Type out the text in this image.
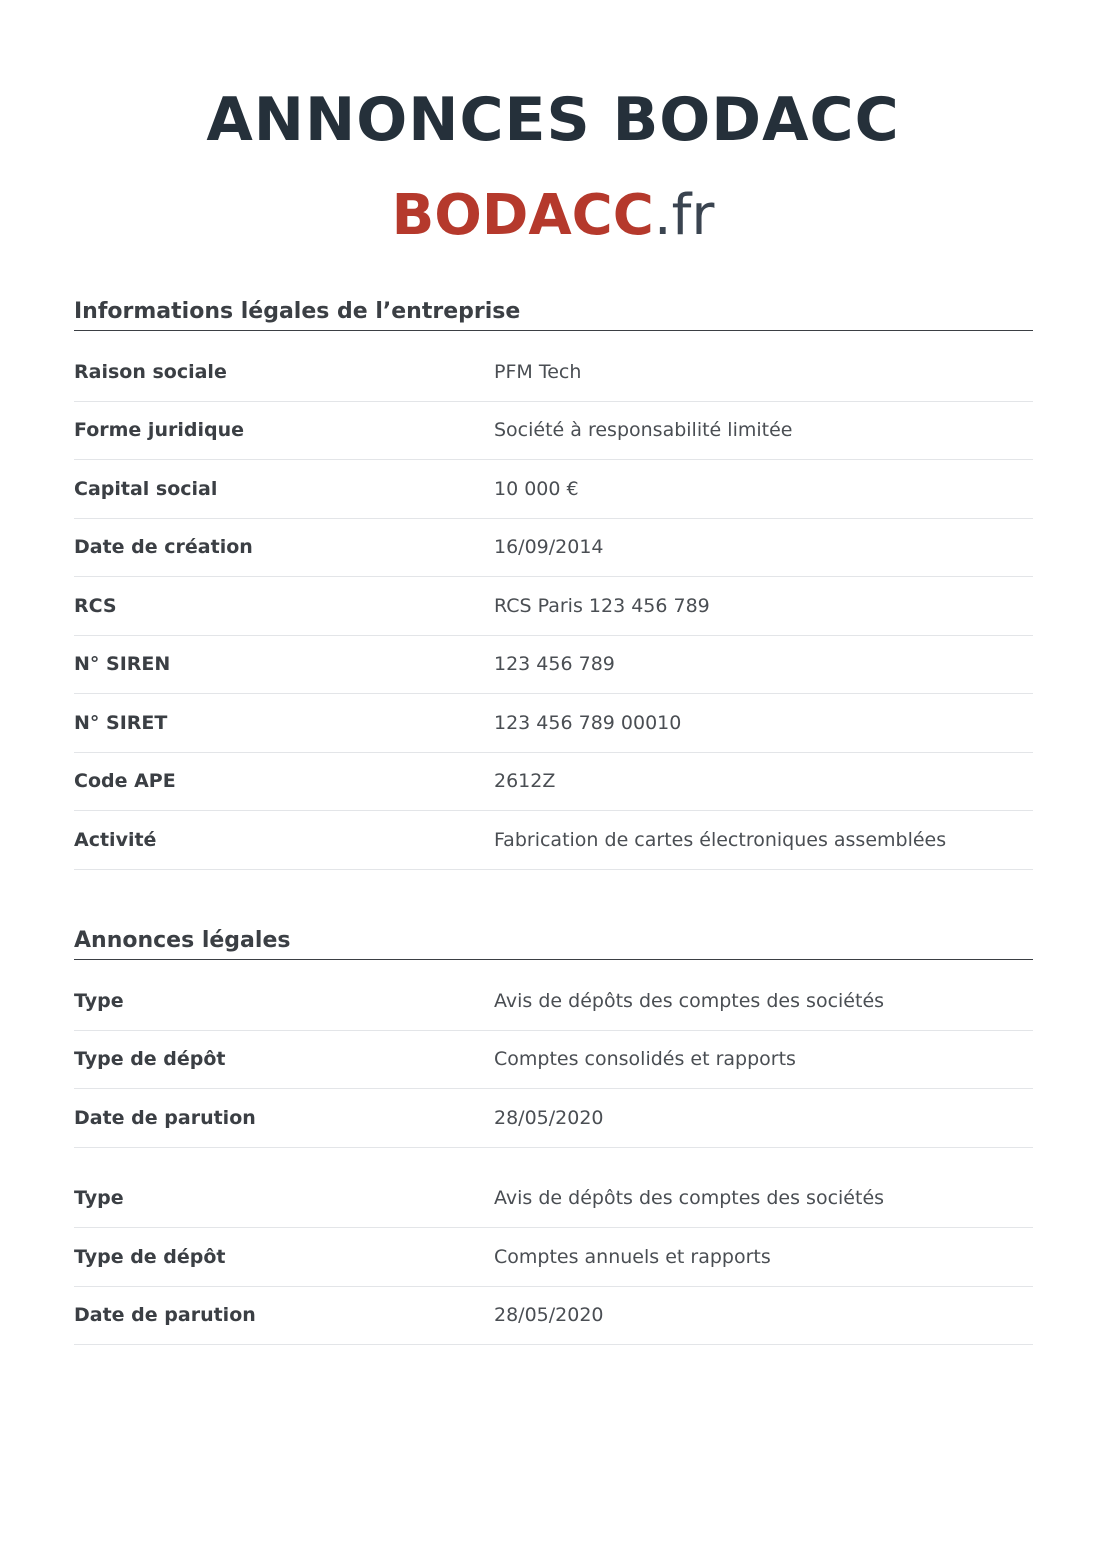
ANNONCES BODACC
BODACC.fr
Informations légales de l’entreprise
Raison sociale	PFM Tech
Forme juridique	Société à responsabilité limitée
Capital social	10 000 €
Date de création	16/09/2014
RCS	RCS Paris 123 456 789
N° SIREN	123 456 789
N° SIRET	123 456 789 00010
Code APE	2612Z
Activité	Fabrication de cartes électroniques assemblées
Annonces légales
Type	Avis de dépôts des comptes des sociétés
Type de dépôt	Comptes consolidés et rapports
Date de parution	28/05/2020
Type	Avis de dépôts des comptes des sociétés
Type de dépôt	Comptes annuels et rapports
Date de parution	28/05/2020
